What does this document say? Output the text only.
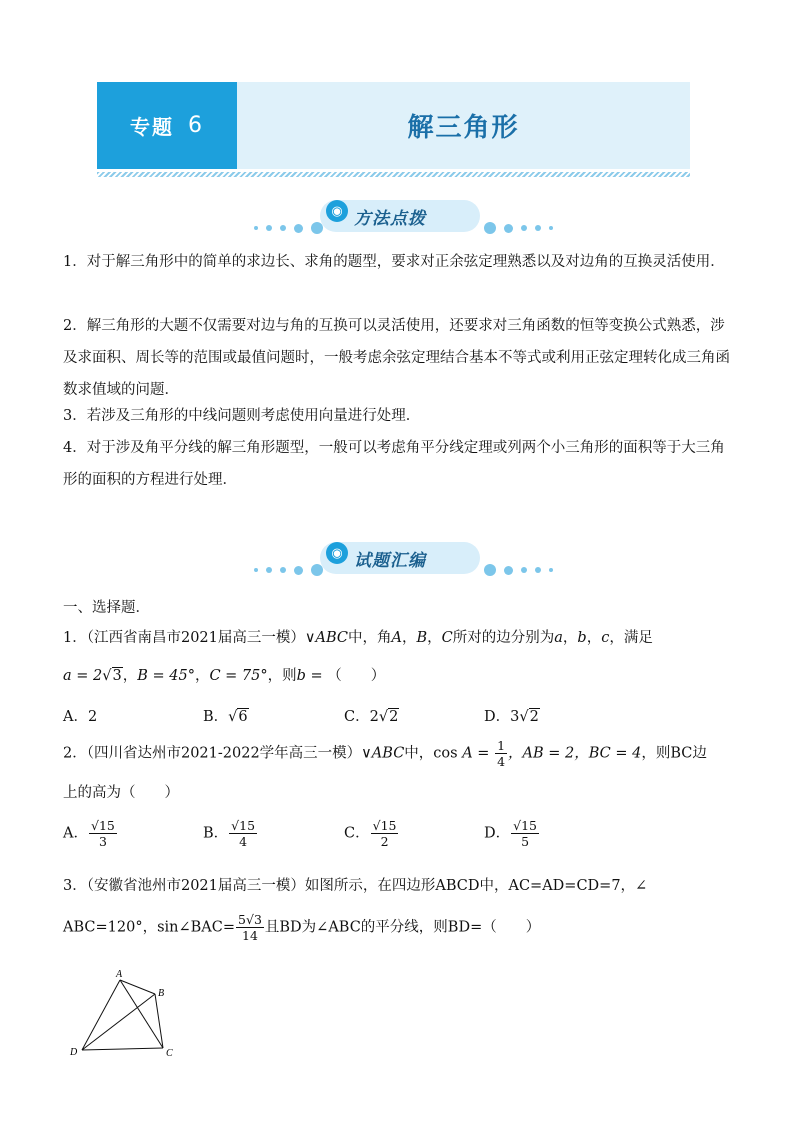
专题 6	解三角形
◉ 方法点拨
1．对于解三角形中的简单的求边长、求角的题型，要求对正余弦定理熟悉以及对边角的互换灵活使用．
2．解三角形的大题不仅需要对边与角的互换可以灵活使用，还要求对三角函数的恒等变换公式熟悉，涉及求面积、周长等的范围或最值问题时，一般考虑余弦定理结合基本不等式或利用正弦定理转化成三角函数求值域的问题．
3．若涉及三角形的中线问题则考虑使用向量进行处理．
4．对于涉及角平分线的解三角形题型，一般可以考虑角平分线定理或列两个小三角形的面积等于大三角形的面积的方程进行处理．
◉ 试题汇编
一、选择题．
1．（江西省南昌市2021届高三一模）∨ABC中，角A，B，C所对的边分别为a，b，c，满足
a = 2√3，B = 45°，C = 75°，则b = （　　）
A．2	B．√6	C．2√2	D．3√2
2．（四川省达州市2021-2022学年高三一模）∨ABC中，$\cos A = \frac{1}{4}$ ，AB = 2，BC = 4，则BC边
上的高为（　　）
A． $\frac{√15}{3}$	B． $\frac{√15}{4}$	C． $\frac{√15}{2}$	D． $\frac{√15}{5}$
3．（安徽省池州市2021届高三一模）如图所示，在四边形ABCD中，AC=AD=CD=7，∠
ABC=120°，sin∠BAC= $\frac{5√3}{14}$ 且BD为∠ABC的平分线，则BD=（　　）
A
B
C
D
